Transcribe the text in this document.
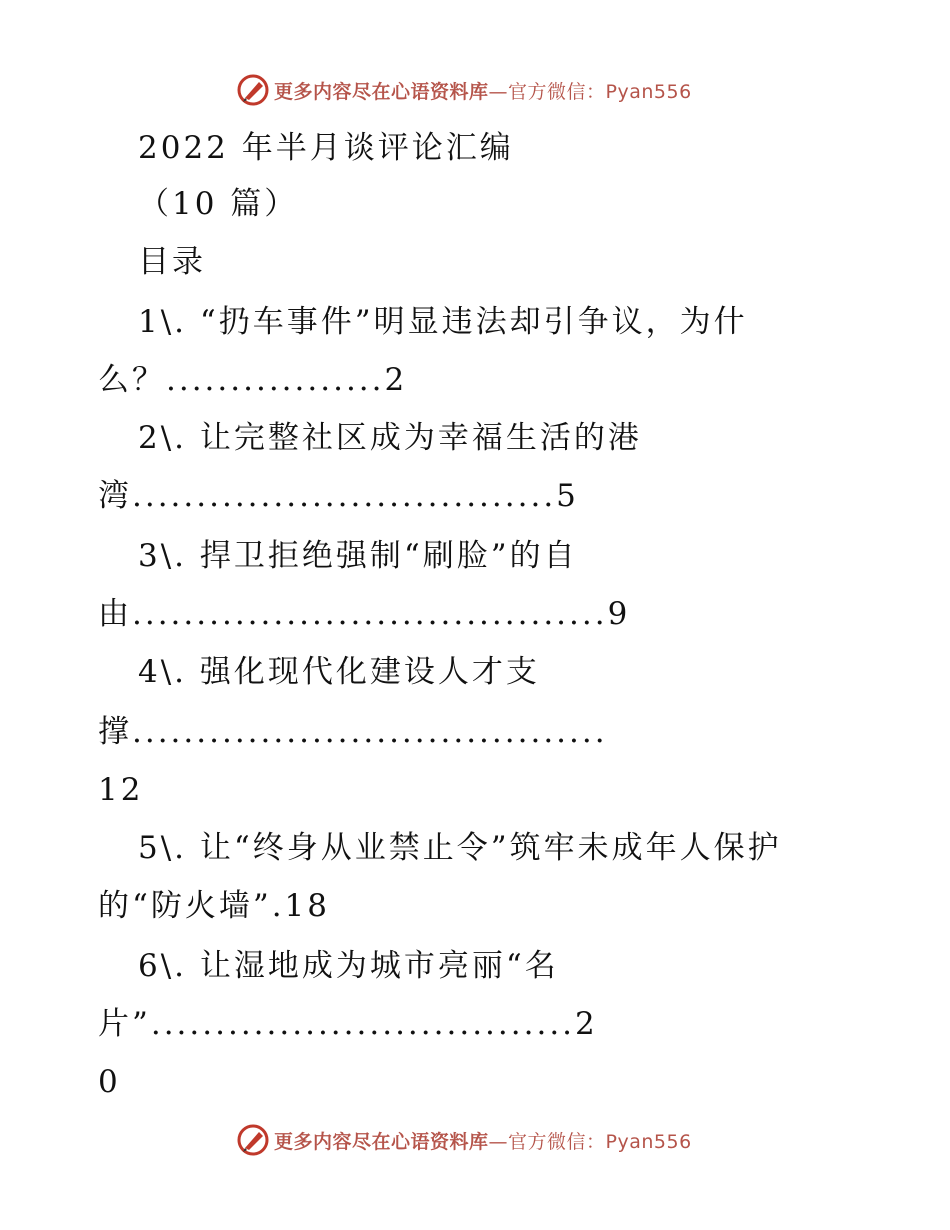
更多内容尽在心语资料库—官方微信：Pyan556
2022 年半月谈评论汇编
（10 篇）
目录
1\. “扔车事件”明显违法却引争议，为什
么？.................2
2\. 让完整社区成为幸福生活的港
湾.................................5
3\. 捍卫拒绝强制“刷脸”的自
由.....................................9
4\. 强化现代化建设人才支
撑.....................................
12
5\. 让“终身从业禁止令”筑牢未成年人保护
的“防火墙”.18
6\. 让湿地成为城市亮丽“名
片”.................................2
0
更多内容尽在心语资料库—官方微信：Pyan556
